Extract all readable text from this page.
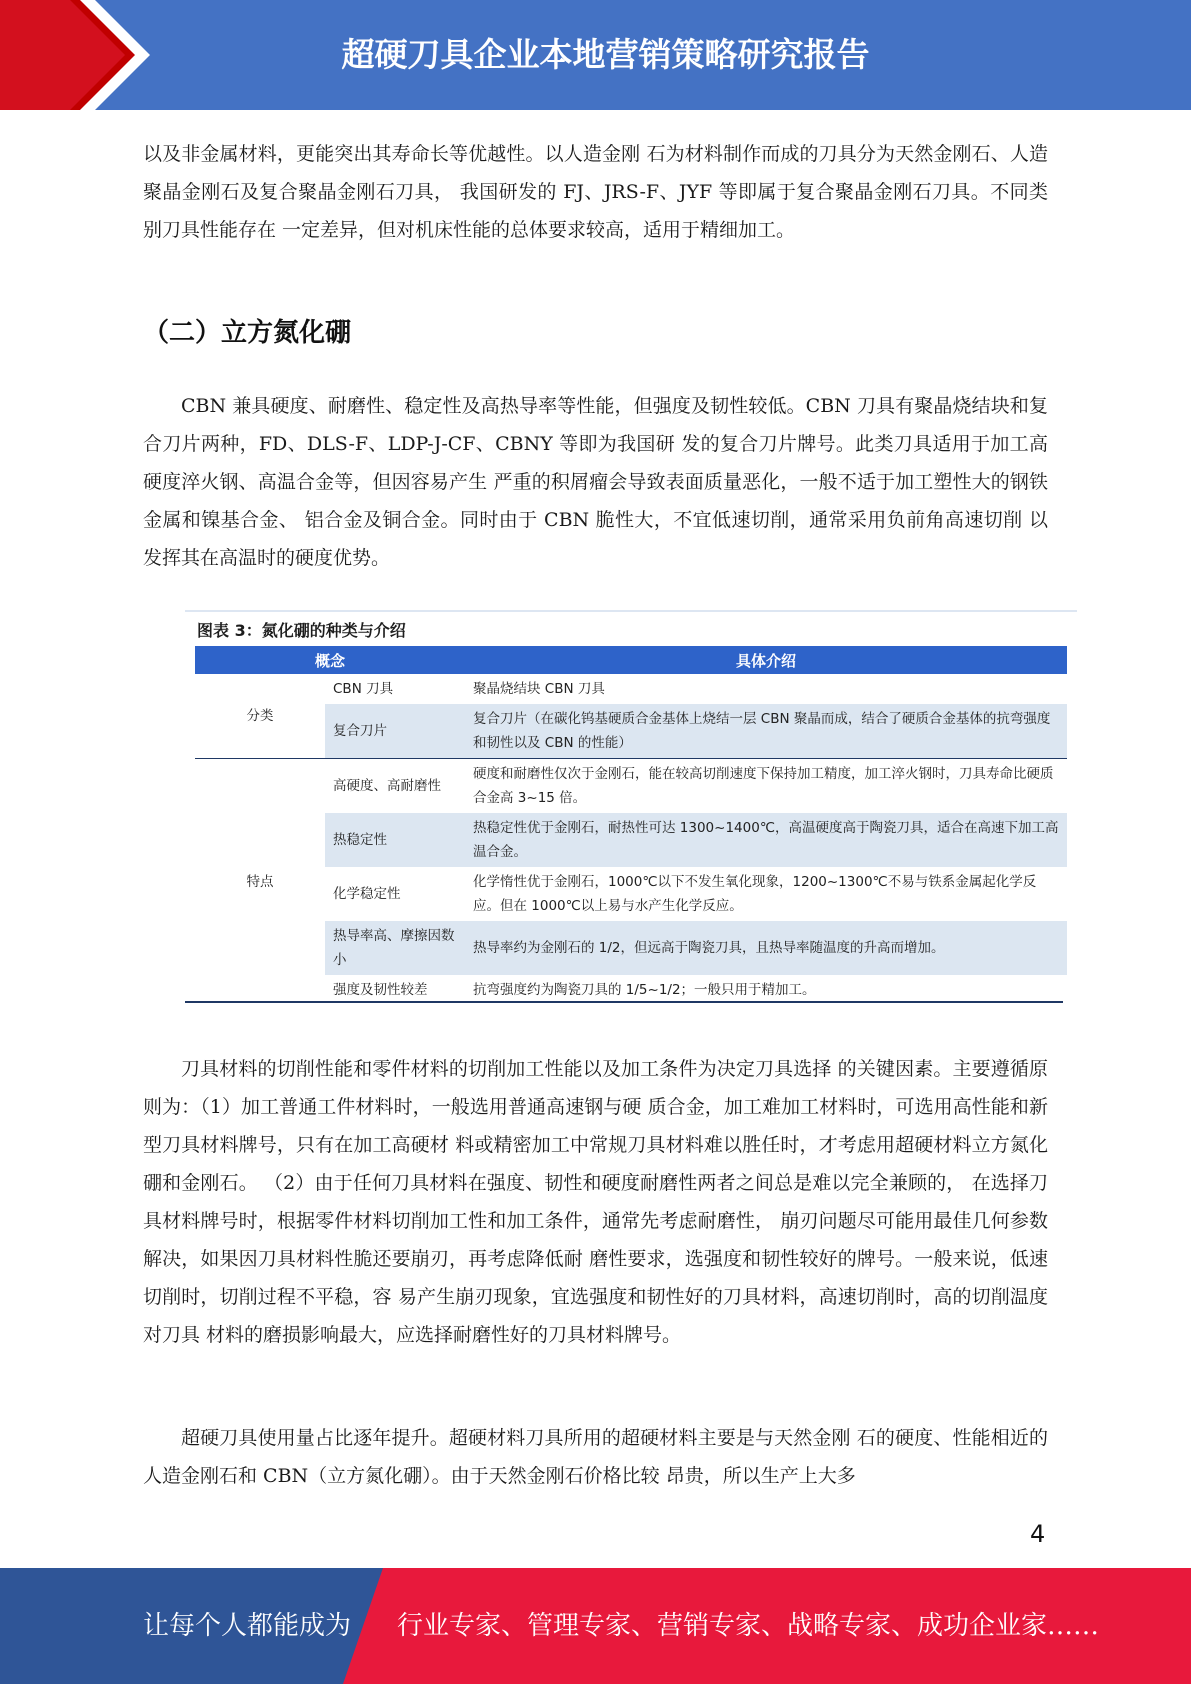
超硬刀具企业本地营销策略研究报告

以及非金属材料，更能突出其寿命长等优越性。以人造金刚 石为材料制作而成的刀具分为天然金刚石、人造聚晶金刚石及复合聚晶金刚石刀具， 我国研发的 FJ、JRS-F、JYF 等即属于复合聚晶金刚石刀具。不同类别刀具性能存在 一定差异，但对机床性能的总体要求较高，适用于精细加工。

（二）立方氮化硼

CBN 兼具硬度、耐磨性、稳定性及高热导率等性能，但强度及韧性较低。CBN 刀具有聚晶烧结块和复合刀片两种，FD、DLS-F、LDP-J-CF、CBNY 等即为我国研 发的复合刀片牌号。此类刀具适用于加工高硬度淬火钢、高温合金等，但因容易产生 严重的积屑瘤会导致表面质量恶化，一般不适于加工塑性大的钢铁金属和镍基合金、 铝合金及铜合金。同时由于 CBN 脆性大，不宜低速切削，通常采用负前角高速切削 以发挥其在高温时的硬度优势。

图表 3：氮化硼的种类与介绍
概念		具体介绍
分类	CBN 刀具	聚晶烧结块 CBN 刀具
	复合刀片	复合刀片（在碳化钨基硬质合金基体上烧结一层 CBN 聚晶而成，结合了硬质合金基体的抗弯强度和韧性以及 CBN 的性能）
特点	高硬度、高耐磨性	硬度和耐磨性仅次于金刚石，能在较高切削速度下保持加工精度，加工淬火钢时，刀具寿命比硬质合金高 3~15 倍。
	热稳定性	热稳定性优于金刚石，耐热性可达 1300~1400℃，高温硬度高于陶瓷刀具，适合在高速下加工高温合金。
	化学稳定性	化学惰性优于金刚石，1000℃以下不发生氧化现象，1200~1300℃不易与铁系金属起化学反应。但在 1000℃以上易与水产生化学反应。
	热导率高、摩擦因数小	热导率约为金刚石的 1/2，但远高于陶瓷刀具，且热导率随温度的升高而增加。
	强度及韧性较差	抗弯强度约为陶瓷刀具的 1/5~1/2；一般只用于精加工。

刀具材料的切削性能和零件材料的切削加工性能以及加工条件为决定刀具选择 的关键因素。主要遵循原则为：（1）加工普通工件材料时，一般选用普通高速钢与硬 质合金，加工难加工材料时，可选用高性能和新型刀具材料牌号，只有在加工高硬材 料或精密加工中常规刀具材料难以胜任时，才考虑用超硬材料立方氮化硼和金刚石。 （2）由于任何刀具材料在强度、韧性和硬度耐磨性两者之间总是难以完全兼顾的， 在选择刀具材料牌号时，根据零件材料切削加工性和加工条件，通常先考虑耐磨性， 崩刃问题尽可能用最佳几何参数解决，如果因刀具材料性脆还要崩刃，再考虑降低耐 磨性要求，选强度和韧性较好的牌号。一般来说，低速切削时，切削过程不平稳，容 易产生崩刃现象，宜选强度和韧性好的刀具材料，高速切削时，高的切削温度对刀具 材料的磨损影响最大，应选择耐磨性好的刀具材料牌号。

超硬刀具使用量占比逐年提升。超硬材料刀具所用的超硬材料主要是与天然金刚 石的硬度、性能相近的人造金刚石和 CBN（立方氮化硼）。由于天然金刚石价格比较 昂贵，所以生产上大多

4
让每个人都能成为 行业专家、管理专家、营销专家、战略专家、成功企业家……
